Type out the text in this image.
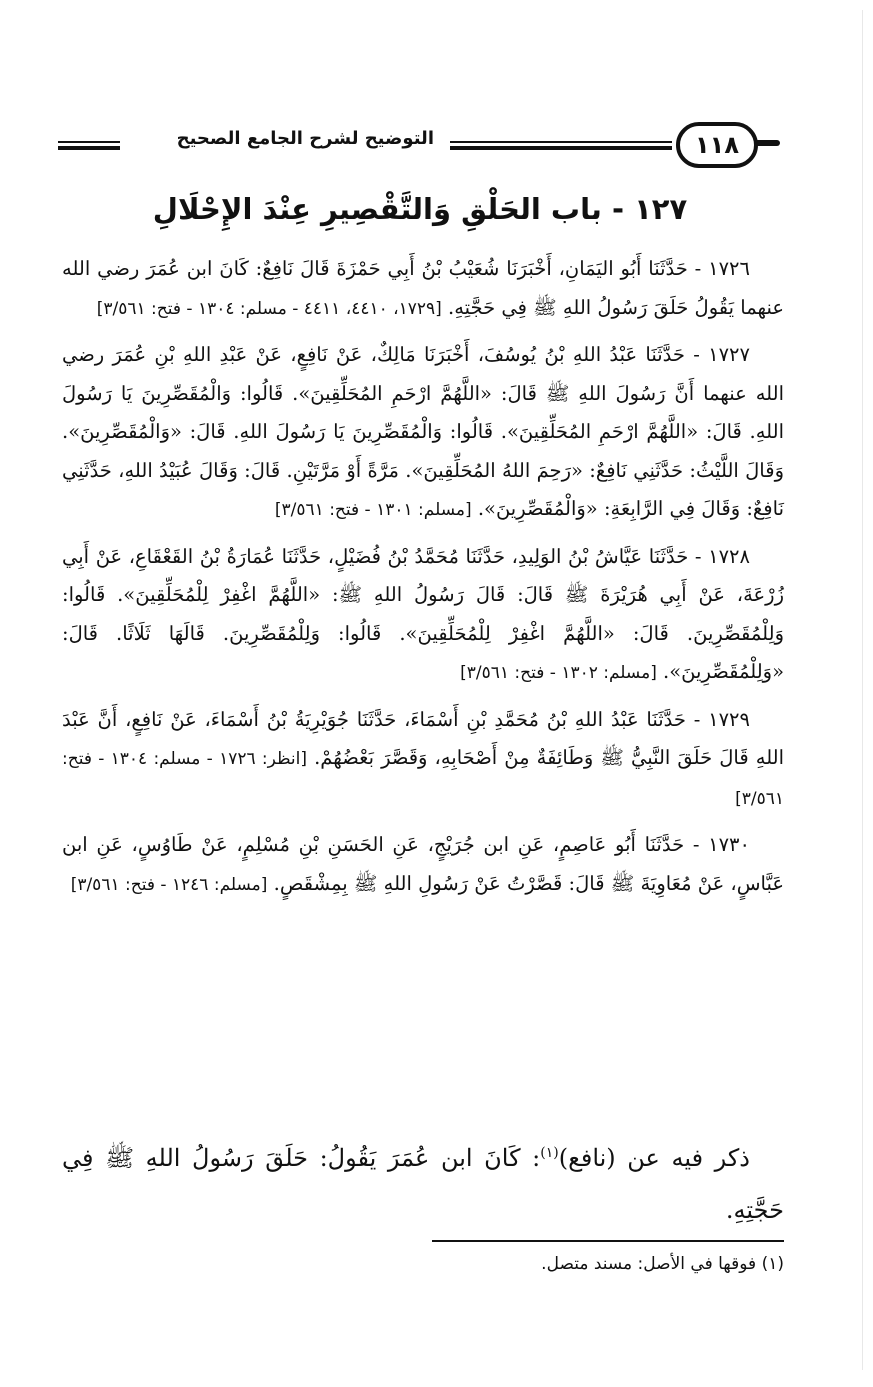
١١٨
التوضيح لشرح الجامع الصحيح
١٢٧ - باب الحَلْقِ وَالتَّقْصِيرِ عِنْدَ الإِحْلَالِ

١٧٢٦ - حَدَّثَنَا أَبُو اليَمَانِ، أَخْبَرَنَا شُعَيْبُ بْنُ أَبِي حَمْزَةَ قَالَ نَافِعٌ: كَانَ ابن عُمَرَ رضي الله عنهما يَقُولُ حَلَقَ رَسُولُ اللهِ ﷺ فِي حَجَّتِهِ. [١٧٢٩، ٤٤١٠، ٤٤١١ - مسلم: ١٣٠٤ - فتح: ٣/٥٦١]

١٧٢٧ - حَدَّثَنَا عَبْدُ اللهِ بْنُ يُوسُفَ، أَخْبَرَنَا مَالِكٌ، عَنْ نَافِعٍ، عَنْ عَبْدِ اللهِ بْنِ عُمَرَ رضي الله عنهما أَنَّ رَسُولَ اللهِ ﷺ قَالَ: «اللَّهُمَّ ارْحَمِ المُحَلِّقِينَ». قَالُوا: وَالْمُقَصِّرِينَ يَا رَسُولَ اللهِ. قَالَ: «اللَّهُمَّ ارْحَمِ المُحَلِّقِينَ». قَالُوا: وَالْمُقَصِّرِينَ يَا رَسُولَ اللهِ. قَالَ: «وَالْمُقَصِّرِينَ». وَقَالَ اللَّيْثُ: حَدَّثَنِي نَافِعٌ: «رَحِمَ اللهُ المُحَلِّقِينَ». مَرَّةً أَوْ مَرَّتَيْنِ. قَالَ: وَقَالَ عُبَيْدُ اللهِ، حَدَّثَنِي نَافِعٌ: وَقَالَ فِي الرَّابِعَةِ: «وَالْمُقَصِّرِينَ». [مسلم: ١٣٠١ - فتح: ٣/٥٦١]

١٧٢٨ - حَدَّثَنَا عَيَّاشُ بْنُ الوَلِيدِ، حَدَّثَنَا مُحَمَّدُ بْنُ فُضَيْلٍ، حَدَّثَنَا عُمَارَةُ بْنُ القَعْقَاعِ، عَنْ أَبِي زُرْعَةَ، عَنْ أَبِي هُرَيْرَةَ ﷺ قَالَ: قَالَ رَسُولُ اللهِ ﷺ: «اللَّهُمَّ اغْفِرْ لِلْمُحَلِّقِينَ». قَالُوا: وَلِلْمُقَصِّرِينَ. قَالَ: «اللَّهُمَّ اغْفِرْ لِلْمُحَلِّقِينَ». قَالُوا: وَلِلْمُقَصِّرِينَ. قَالَهَا ثَلَاثًا. قَالَ: «وَلِلْمُقَصِّرِينَ». [مسلم: ١٣٠٢ - فتح: ٣/٥٦١]

١٧٢٩ - حَدَّثَنَا عَبْدُ اللهِ بْنُ مُحَمَّدِ بْنِ أَسْمَاءَ، حَدَّثَنَا جُوَيْرِيَةُ بْنُ أَسْمَاءَ، عَنْ نَافِعٍ، أَنَّ عَبْدَ اللهِ قَالَ حَلَقَ النَّبِيُّ ﷺ وَطَائِفَةٌ مِنْ أَصْحَابِهِ، وَقَصَّرَ بَعْضُهُمْ. [انظر: ١٧٢٦ - مسلم: ١٣٠٤ - فتح: ٣/٥٦١]

١٧٣٠ - حَدَّثَنَا أَبُو عَاصِمٍ، عَنِ ابن جُرَيْجٍ، عَنِ الحَسَنِ بْنِ مُسْلِمٍ، عَنْ طَاوُسٍ، عَنِ ابن عَبَّاسٍ، عَنْ مُعَاوِيَةَ ﷺ قَالَ: قَصَّرْتُ عَنْ رَسُولِ اللهِ ﷺ بِمِشْقَصٍ. [مسلم: ١٢٤٦ - فتح: ٣/٥٦١]

ذكر فيه عن (نافع)$^{(١)}$: كَانَ ابن عُمَرَ يَقُولُ: حَلَقَ رَسُولُ اللهِ ﷺ فِي حَجَّتِهِ.

(١) فوقها في الأصل: مسند متصل.
